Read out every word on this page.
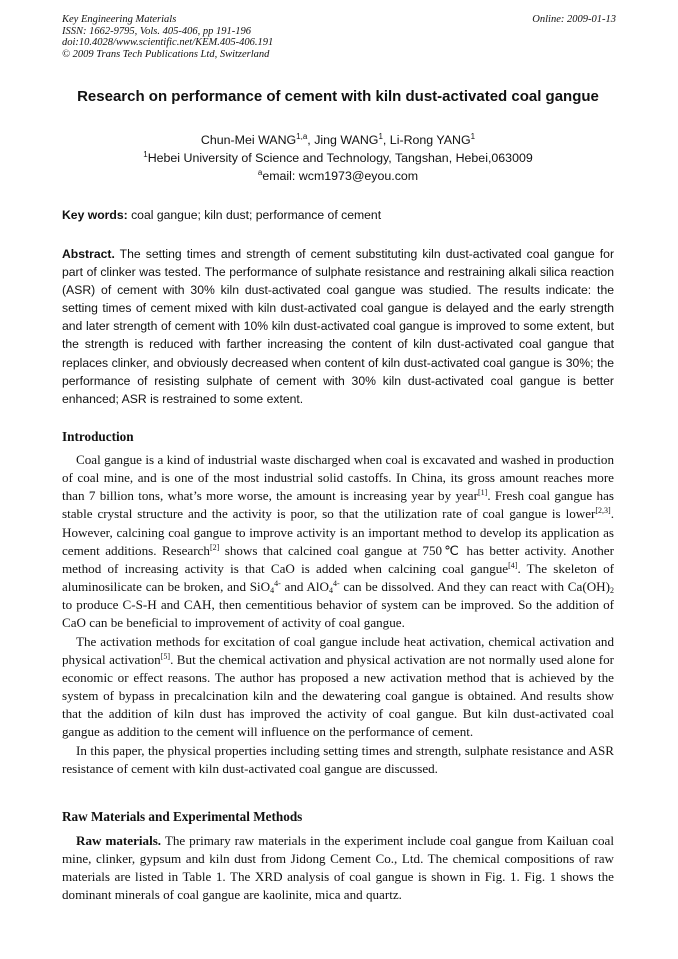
Key Engineering Materials
ISSN: 1662-9795, Vols. 405-406, pp 191-196
doi:10.4028/www.scientific.net/KEM.405-406.191
© 2009 Trans Tech Publications Ltd, Switzerland
Online: 2009-01-13
Research on performance of cement with kiln dust-activated coal gangue
Chun-Mei WANG$^{1,a}$, Jing WANG$^1$, Li-Rong YANG$^1$
$^1$Hebei University of Science and Technology, Tangshan, Hebei,063009
$^a$email: wcm1973@eyou.com
Key words: coal gangue; kiln dust; performance of cement
Abstract. The setting times and strength of cement substituting kiln dust-activated coal gangue for part of clinker was tested. The performance of sulphate resistance and restraining alkali silica reaction (ASR) of cement with 30% kiln dust-activated coal gangue was studied. The results indicate: the setting times of cement mixed with kiln dust-activated coal gangue is delayed and the early strength and later strength of cement with 10% kiln dust-activated coal gangue is improved to some extent, but the strength is reduced with farther increasing the content of kiln dust-activated coal gangue that replaces clinker, and obviously decreased when content of kiln dust-activated coal gangue is 30%; the performance of resisting sulphate of cement with 30% kiln dust-activated coal gangue is better enhanced; ASR is restrained to some extent.
Introduction

Coal gangue is a kind of industrial waste discharged when coal is excavated and washed in production of coal mine, and is one of the most industrial solid castoffs. In China, its gross amount reaches more than 7 billion tons, what’s more worse, the amount is increasing year by year[1]. Fresh coal gangue has stable crystal structure and the activity is poor, so that the utilization rate of coal gangue is lower[2,3]. However, calcining coal gangue to improve activity is an important method to develop its application as cement additions. Research[2] shows that calcined coal gangue at 750℃ has better activity. Another method of increasing activity is that CaO is added when calcining coal gangue[4]. The skeleton of aluminosilicate can be broken, and SiO$_4^{4-}$ and AlO$_4^{4-}$ can be dissolved. And they can react with $Ca(OH)_2$ to produce C-S-H and CAH, then cementitious behavior of system can be improved. So the addition of CaO can be beneficial to improvement of activity of coal gangue.

The activation methods for excitation of coal gangue include heat activation, chemical activation and physical activation[5]. But the chemical activation and physical activation are not normally used alone for economic or effect reasons. The author has proposed a new activation method that is achieved by the system of bypass in precalcination kiln and the dewatering coal gangue is obtained. And results show that the addition of kiln dust has improved the activity of coal gangue. But kiln dust-activated coal gangue as addition to the cement will influence on the performance of cement.

In this paper, the physical properties including setting times and strength, sulphate resistance and ASR resistance of cement with kiln dust-activated coal gangue are discussed.

Raw Materials and Experimental Methods

Raw materials. The primary raw materials in the experiment include coal gangue from Kailuan coal mine, clinker, gypsum and kiln dust from Jidong Cement Co., Ltd. The chemical compositions of raw materials are listed in Table 1. The XRD analysis of coal gangue is shown in Fig. 1. Fig. 1 shows the dominant minerals of coal gangue are kaolinite, mica and quartz.
